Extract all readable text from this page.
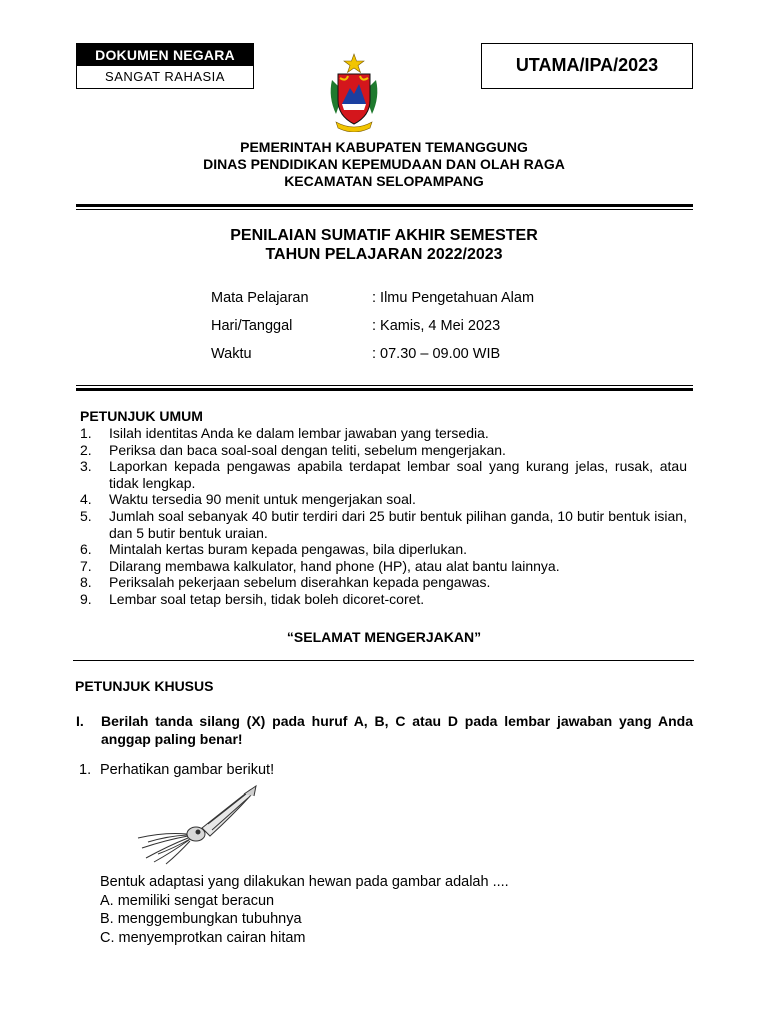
DOKUMEN NEGARA
SANGAT RAHASIA
UTAMA/IPA/2023
PEMERINTAH KABUPATEN TEMANGGUNG
DINAS PENDIDIKAN KEPEMUDAAN DAN OLAH RAGA
KECAMATAN SELOPAMPANG
PENILAIAN SUMATIF AKHIR SEMESTER
TAHUN PELAJARAN 2022/2023
Mata Pelajaran	: Ilmu Pengetahuan Alam
Hari/Tanggal	: Kamis, 4 Mei 2023
Waktu	: 07.30 – 09.00 WIB
PETUNJUK UMUM
1.	Isilah identitas Anda ke dalam lembar jawaban yang tersedia.
2.	Periksa dan baca soal-soal dengan teliti, sebelum mengerjakan.
3.	Laporkan kepada pengawas apabila terdapat lembar soal yang kurang jelas, rusak, atau tidak lengkap.
4.	Waktu tersedia 90 menit untuk mengerjakan soal.
5.	Jumlah soal sebanyak 40 butir terdiri dari 25 butir bentuk pilihan ganda, 10 butir bentuk isian, dan 5 butir bentuk uraian.
6.	Mintalah kertas buram kepada pengawas, bila diperlukan.
7.	Dilarang membawa kalkulator, hand phone (HP), atau alat bantu lainnya.
8.	Periksalah pekerjaan sebelum diserahkan kepada pengawas.
9.	Lembar soal tetap bersih, tidak boleh dicoret-coret.
“SELAMAT MENGERJAKAN”
PETUNJUK KHUSUS
I.	Berilah tanda silang (X) pada huruf A, B, C atau D pada lembar jawaban yang Anda anggap paling benar!
1. Perhatikan gambar berikut!
Bentuk adaptasi yang dilakukan hewan pada gambar adalah ....
A. memiliki sengat beracun
B. menggembungkan tubuhnya
C. menyemprotkan cairan hitam
